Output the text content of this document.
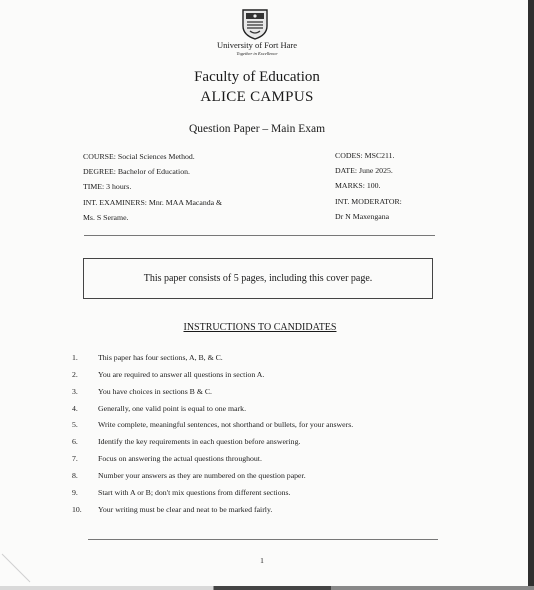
University of Fort Hare
Together in Excellence
Faculty of Education
ALICE CAMPUS
Question Paper – Main Exam
COURSE: Social Sciences Method.
DEGREE: Bachelor of Education.
TIME: 3 hours.
INT. EXAMINERS: Mnr. MAA Macanda &
Ms. S Serame.
CODES: MSC211.
DATE: June 2025.
MARKS: 100.
INT. MODERATOR:
Dr N Maxengana
This paper consists of 5 pages, including this cover page.
INSTRUCTIONS TO CANDIDATES
1.	This paper has four sections, A, B, & C.
2.	You are required to answer all questions in section A.
3.	You have choices in sections B & C.
4.	Generally, one valid point is equal to one mark.
5.	Write complete, meaningful sentences, not shorthand or bullets, for your answers.
6.	Identify the key requirements in each question before answering.
7.	Focus on answering the actual questions throughout.
8.	Number your answers as they are numbered on the question paper.
9.	Start with A or B; don't mix questions from different sections.
10.	Your writing must be clear and neat to be marked fairly.
1
